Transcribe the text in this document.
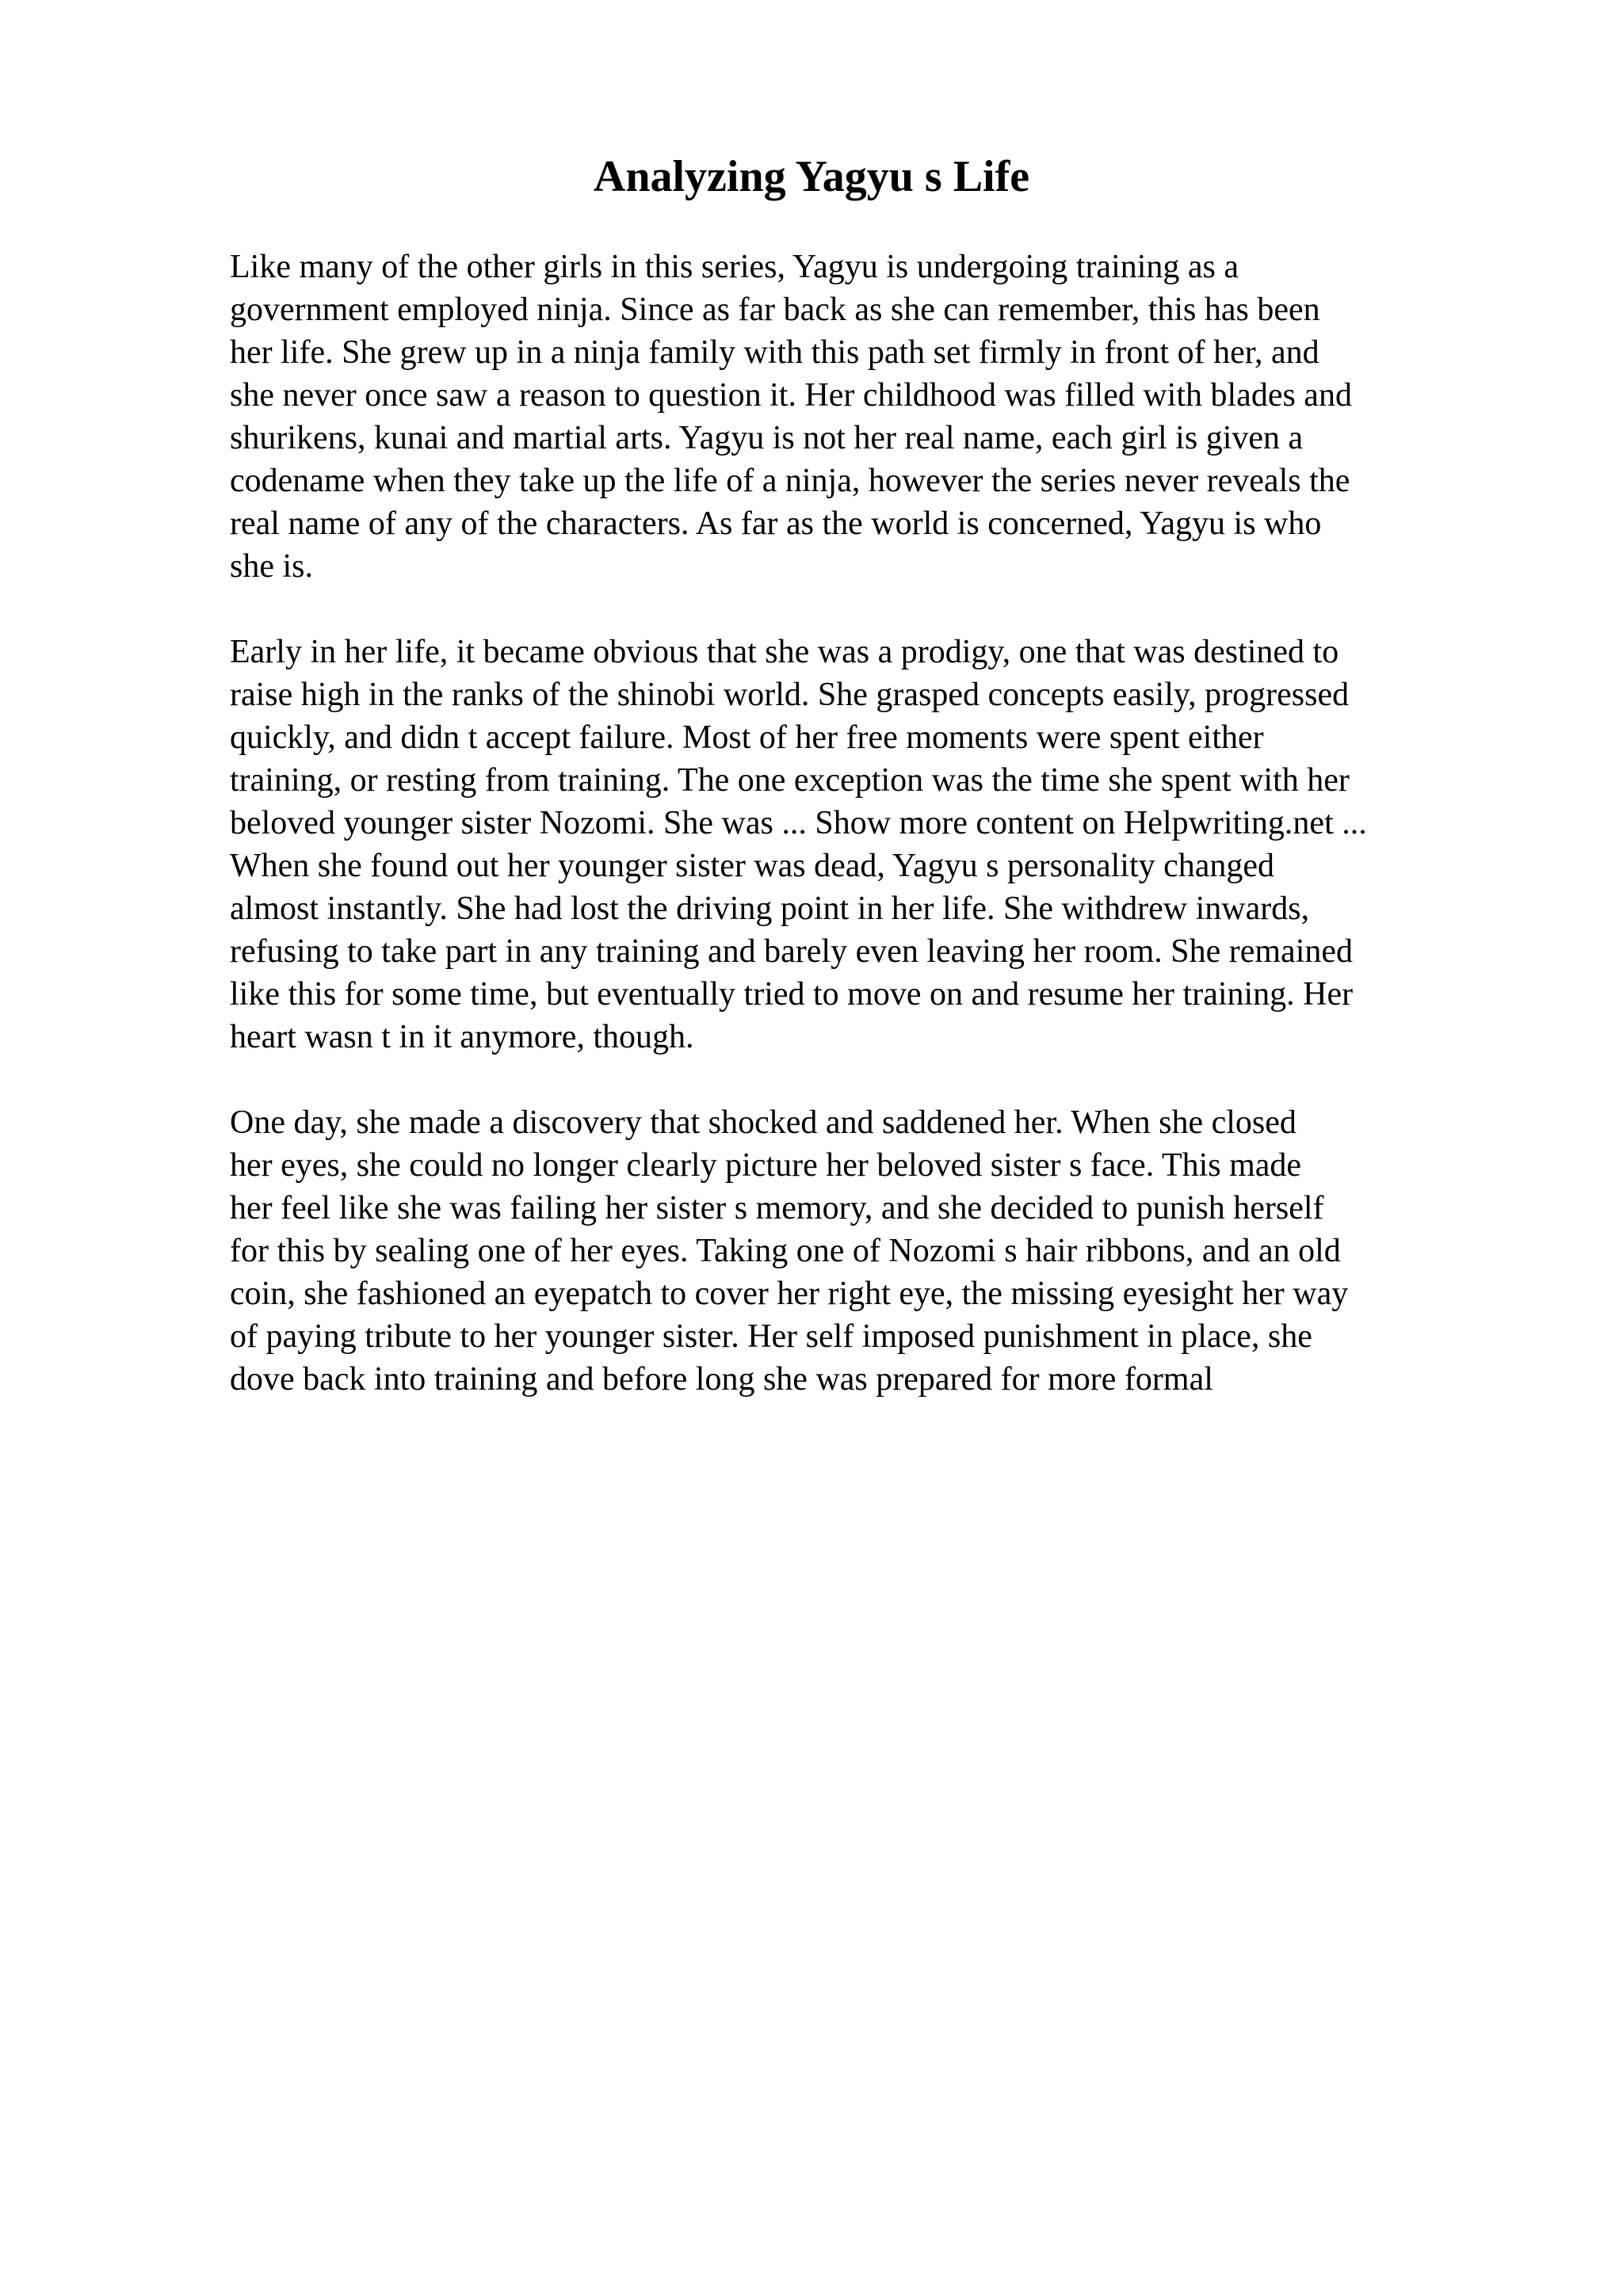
Analyzing Yagyu s Life

Like many of the other girls in this series, Yagyu is undergoing training as a
government employed ninja. Since as far back as she can remember, this has been
her life. She grew up in a ninja family with this path set firmly in front of her, and
she never once saw a reason to question it. Her childhood was filled with blades and
shurikens, kunai and martial arts. Yagyu is not her real name, each girl is given a
codename when they take up the life of a ninja, however the series never reveals the
real name of any of the characters. As far as the world is concerned, Yagyu is who
she is.

Early in her life, it became obvious that she was a prodigy, one that was destined to
raise high in the ranks of the shinobi world. She grasped concepts easily, progressed
quickly, and didn t accept failure. Most of her free moments were spent either
training, or resting from training. The one exception was the time she spent with her
beloved younger sister Nozomi. She was ... Show more content on Helpwriting.net ...
When she found out her younger sister was dead, Yagyu s personality changed
almost instantly. She had lost the driving point in her life. She withdrew inwards,
refusing to take part in any training and barely even leaving her room. She remained
like this for some time, but eventually tried to move on and resume her training. Her
heart wasn t in it anymore, though.

One day, she made a discovery that shocked and saddened her. When she closed
her eyes, she could no longer clearly picture her beloved sister s face. This made
her feel like she was failing her sister s memory, and she decided to punish herself
for this by sealing one of her eyes. Taking one of Nozomi s hair ribbons, and an old
coin, she fashioned an eyepatch to cover her right eye, the missing eyesight her way
of paying tribute to her younger sister. Her self imposed punishment in place, she
dove back into training and before long she was prepared for more formal
